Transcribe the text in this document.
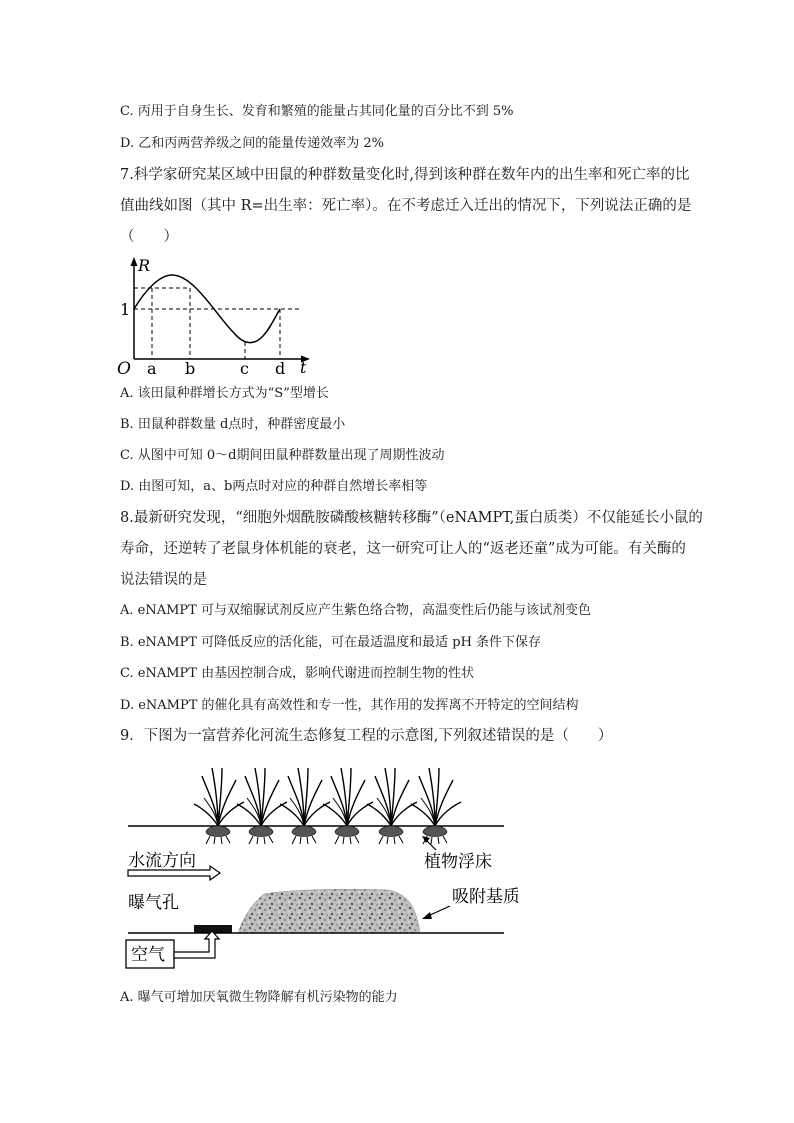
C. 丙用于自身生长、发育和繁殖的能量占其同化量的百分比不到 5%
D. 乙和丙两营养级之间的能量传递效率为 2%
7.科学家研究某区域中田鼠的种群数量变化时,得到该种群在数年内的出生率和死亡率的比
值曲线如图（其中 R=出生率：死亡率）。在不考虑迁入迁出的情况下，下列说法正确的是
（　　）
R
t
O
1
a b	c d
A. 该田鼠种群增长方式为“S”型增长
B. 田鼠种群数量 d点时，种群密度最小
C. 从图中可知 0～d期间田鼠种群数量出现了周期性波动
D. 由图可知，a、b两点时对应的种群自然增长率相等
8.最新研究发现，“细胞外烟酰胺磷酸核糖转移酶”（eNAMPT,蛋白质类）不仅能延长小鼠的
寿命，还逆转了老鼠身体机能的衰老，这一研究可让人的“返老还童”成为可能。有关酶的
说法错误的是
A. eNAMPT 可与双缩脲试剂反应产生紫色络合物，高温变性后仍能与该试剂变色
B. eNAMPT 可降低反应的活化能，可在最适温度和最适 pH 条件下保存
C. eNAMPT 由基因控制合成，影响代谢进而控制生物的性状
D. eNAMPT 的催化具有高效性和专一性，其作用的发挥离不开特定的空间结构
9．下图为一富营养化河流生态修复工程的示意图,下列叙述错误的是（　　）
水流方向	植物浮床
吸附基质
曝气孔
空气
A. 曝气可增加厌氧微生物降解有机污染物的能力
